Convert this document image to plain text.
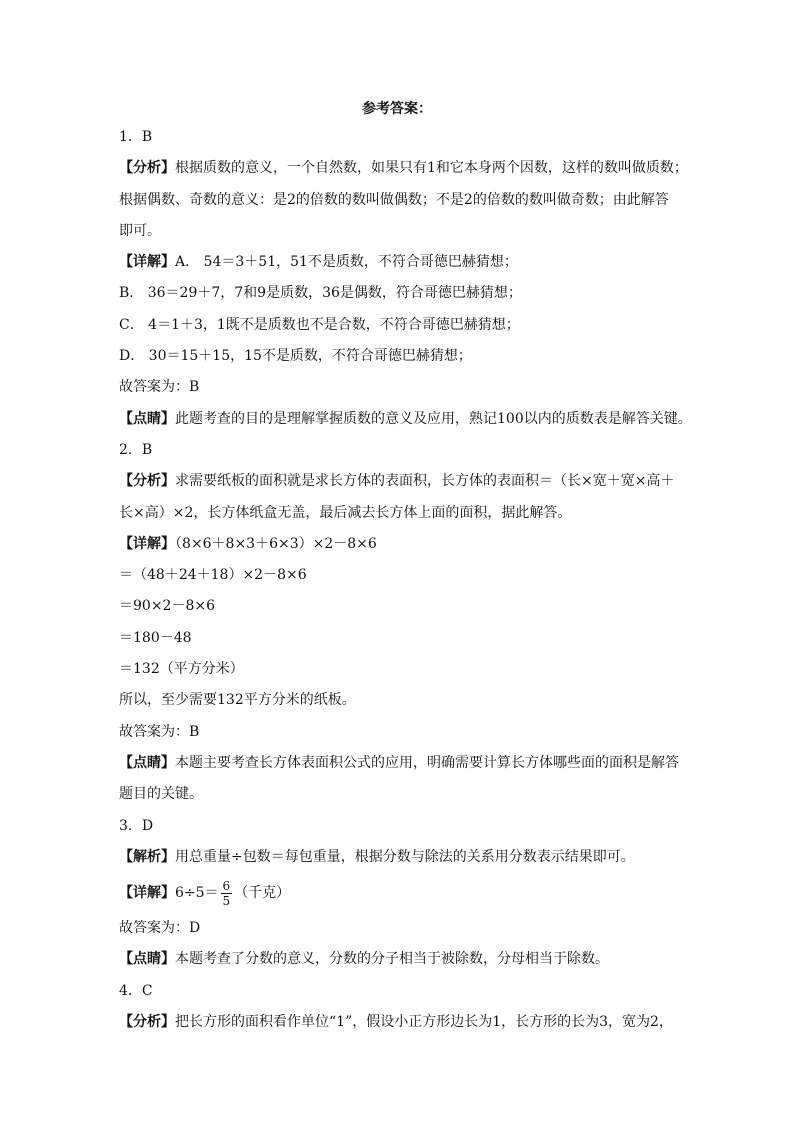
参考答案：
1．B
【分析】根据质数的意义，一个自然数，如果只有1和它本身两个因数，这样的数叫做质数；
根据偶数、奇数的意义：是2的倍数的数叫做偶数；不是2的倍数的数叫做奇数；由此解答
即可。
【详解】A． 54＝3＋51，51不是质数，不符合哥德巴赫猜想；
B． 36＝29＋7，7和9是质数，36是偶数，符合哥德巴赫猜想；
C． 4＝1＋3，1既不是质数也不是合数，不符合哥德巴赫猜想；
D． 30＝15＋15，15不是质数，不符合哥德巴赫猜想；
故答案为：B
【点睛】此题考查的目的是理解掌握质数的意义及应用，熟记100以内的质数表是解答关键。
2．B
【分析】求需要纸板的面积就是求长方体的表面积，长方体的表面积＝（长×宽＋宽×高＋
长×高）×2，长方体纸盒无盖，最后减去长方体上面的面积，据此解答。
【详解】（8×6＋8×3＋6×3）×2－8×6
＝（48＋24＋18）×2－8×6
＝90×2－8×6
＝180－48
＝132（平方分米）
所以，至少需要132平方分米的纸板。
故答案为：B
【点睛】本题主要考查长方体表面积公式的应用，明确需要计算长方体哪些面的面积是解答
题目的关键。
3．D
【解析】用总重量÷包数＝每包重量，根据分数与除法的关系用分数表示结果即可。
【详解】$6\div 5= \frac{6}{5}$ （千克）
故答案为：D
【点睛】本题考查了分数的意义，分数的分子相当于被除数，分母相当于除数。
4．C
【分析】把长方形的面积看作单位“1”，假设小正方形边长为1，长方形的长为3，宽为2，
